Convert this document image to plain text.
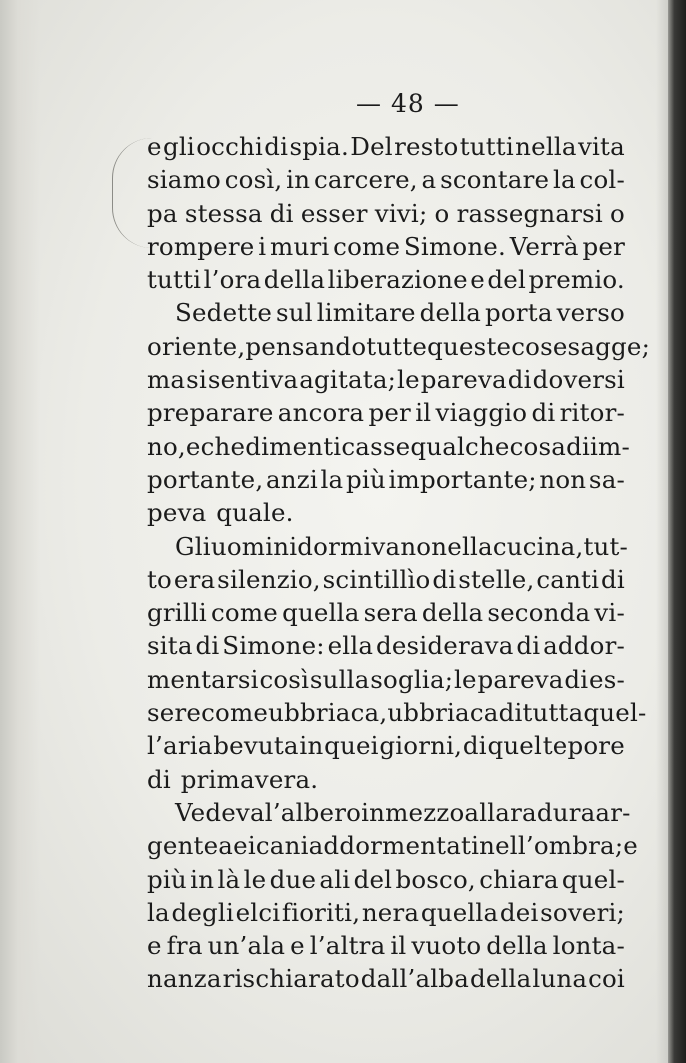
— 48 —
e gli occhi di spia. Del resto tutti nella vita
siamo così, in carcere, a scontare la col-
pa stessa di esser vivi; o rassegnarsi o
rompere i muri come Simone. Verrà per
tutti l’ora della liberazione e del premio.
Sedette sul limitare della porta verso
oriente, pensando tutte queste cose sagge;
ma si sentiva agitata; le pareva di doversi
preparare ancora per il viaggio di ritor-
no, e che dimenticasse qualche cosa di im-
portante, anzi la più importante; non sa-
peva quale.
Gli uomini dormivano nella cucina, tut-
to era silenzio, scintillìo di stelle, canti di
grilli come quella sera della seconda vi-
sita di Simone: ella desiderava di addor-
mentarsi così sulla soglia; le pareva di es-
sere come ubbriaca, ubbriaca di tutta quel-
l’aria bevuta in quei giorni, di quel tepore
di primavera.
Vedeva l’albero in mezzo alla radura ar-
gentea e i cani addormentati nell’ombra; e
più in là le due ali del bosco, chiara quel-
la degli elci fioriti, nera quella dei soveri;
e fra un’ala e l’altra il vuoto della lonta-
nanza rischiarato dall’alba della luna coi
